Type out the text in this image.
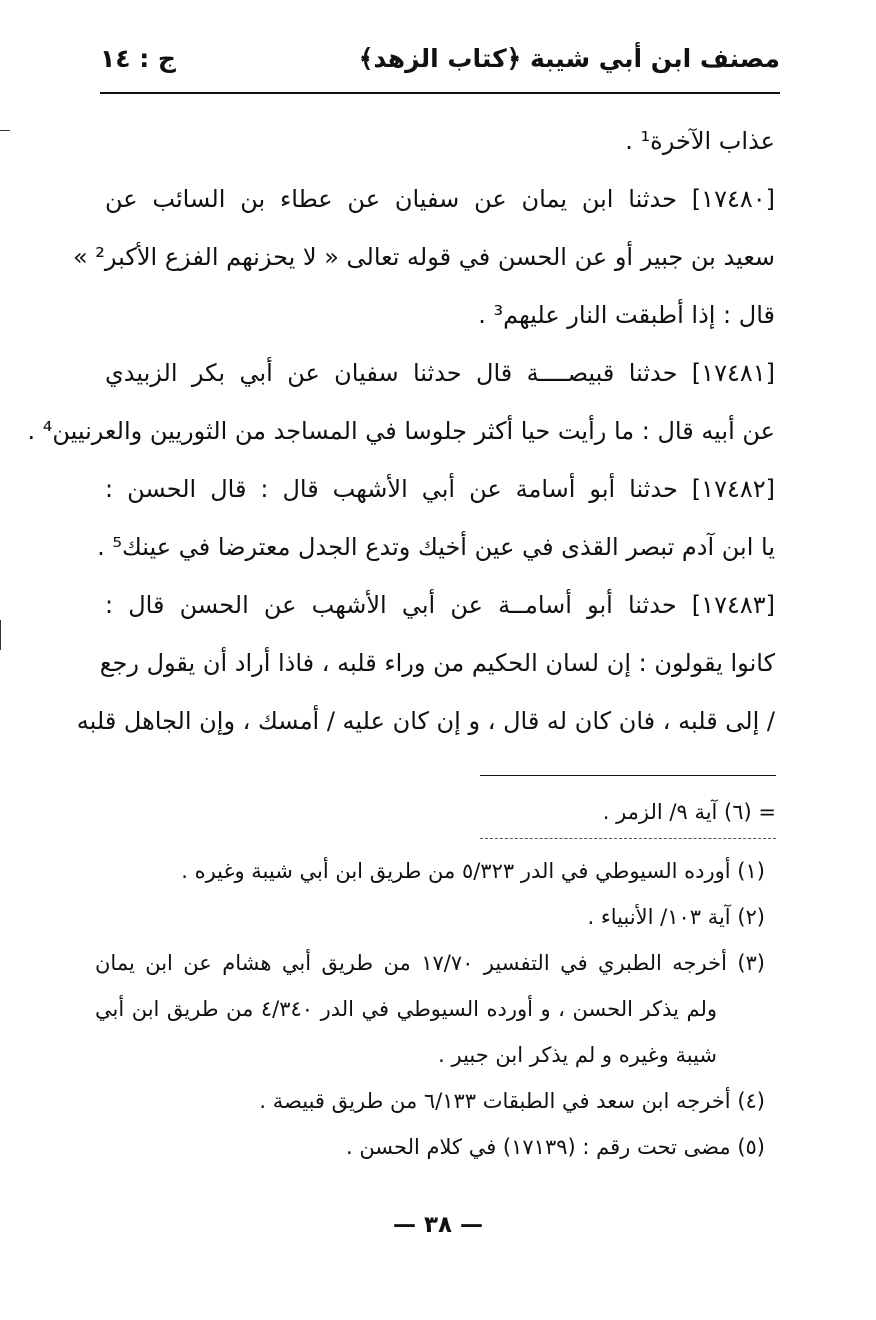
مصنف ابن أبي شيبة
﴿كتاب الزهد﴾
ج : ١٤
عذاب الآخرة¹ .
[١٧٤٨٠] حدثنا ابن يمان عن سفيان عن عطاء بن السائب عن
سعيد بن جبير أو عن الحسن في قوله تعالى « لا يحزنهم الفزع الأكبر² »
قال : إذا أطبقت النار عليهم³ .
[١٧٤٨١] حدثنا قبيصــــة قال حدثنا سفيان عن أبي بكر الزبيدي
عن أبيه قال : ما رأيت حيا أكثر جلوسا في المساجد من الثوريين والعرنيين⁴ .
[١٧٤٨٢] حدثنا أبو أسامة عن أبي الأشهب قال : قال الحسن :
يا ابن آدم تبصر القذى في عين أخيك وتدع الجدل معترضا في عينك⁵ .
[١٧٤٨٣] حدثنا أبو أسامــة عن أبي الأشهب عن الحسن قال :
كانوا يقولون : إن لسان الحكيم من وراء قلبه ، فاذا أراد أن يقول رجع
/ إلى قلبه ، فان كان له قال ، و إن كان عليه / أمسك ، وإن الجاهل قلبه
= (٦) آية ٩/ الزمر .
(١) أورده السيوطي في الدر ٥/٣٢٣ من طريق ابن أبي شيبة وغيره .
(٢) آية ١٠٣/ الأنبياء .
(٣) أخرجه الطبري في التفسير ١٧/٧٠ من طريق أبي هشام عن ابن يمان
ولم يذكر الحسن ، و أورده السيوطي في الدر ٤/٣٤٠ من طريق ابن أبي
شيبة وغيره و لم يذكر ابن جبير .
(٤) أخرجه ابن سعد في الطبقات ٦/١٣٣ من طريق قبيصة .
(٥) مضى تحت رقم : (١٧١٣٩) في كلام الحسن .
— ٣٨ —
